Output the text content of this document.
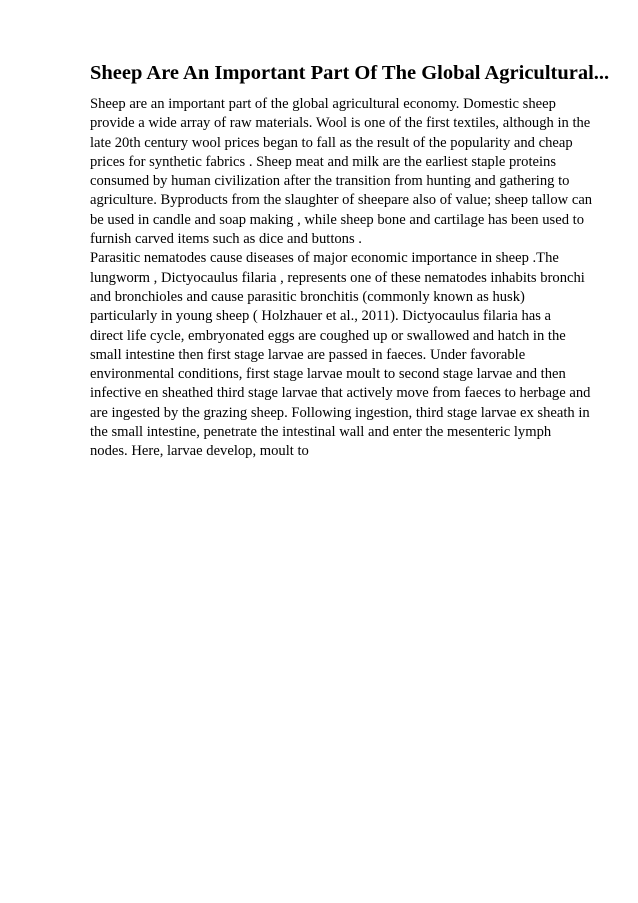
Sheep Are An Important Part Of The Global Agricultural...
Sheep are an important part of the global agricultural economy. Domestic sheep
provide a wide array of raw materials. Wool is one of the first textiles, although in the
late 20th century wool prices began to fall as the result of the popularity and cheap
prices for synthetic fabrics . Sheep meat and milk are the earliest staple proteins
consumed by human civilization after the transition from hunting and gathering to
agriculture. Byproducts from the slaughter of sheepare also of value; sheep tallow can
be used in candle and soap making , while sheep bone and cartilage has been used to
furnish carved items such as dice and buttons .
Parasitic nematodes cause diseases of major economic importance in sheep .The
lungworm , Dictyocaulus filaria , represents one of these nematodes inhabits bronchi
and bronchioles and cause parasitic bronchitis (commonly known as husk)
particularly in young sheep ( Holzhauer et al., 2011). Dictyocaulus filaria has a
direct life cycle, embryonated eggs are coughed up or swallowed and hatch in the
small intestine then first stage larvae are passed in faeces. Under favorable
environmental conditions, first stage larvae moult to second stage larvae and then
infective en sheathed third stage larvae that actively move from faeces to herbage and
are ingested by the grazing sheep. Following ingestion, third stage larvae ex sheath in
the small intestine, penetrate the intestinal wall and enter the mesenteric lymph
nodes. Here, larvae develop, moult to
